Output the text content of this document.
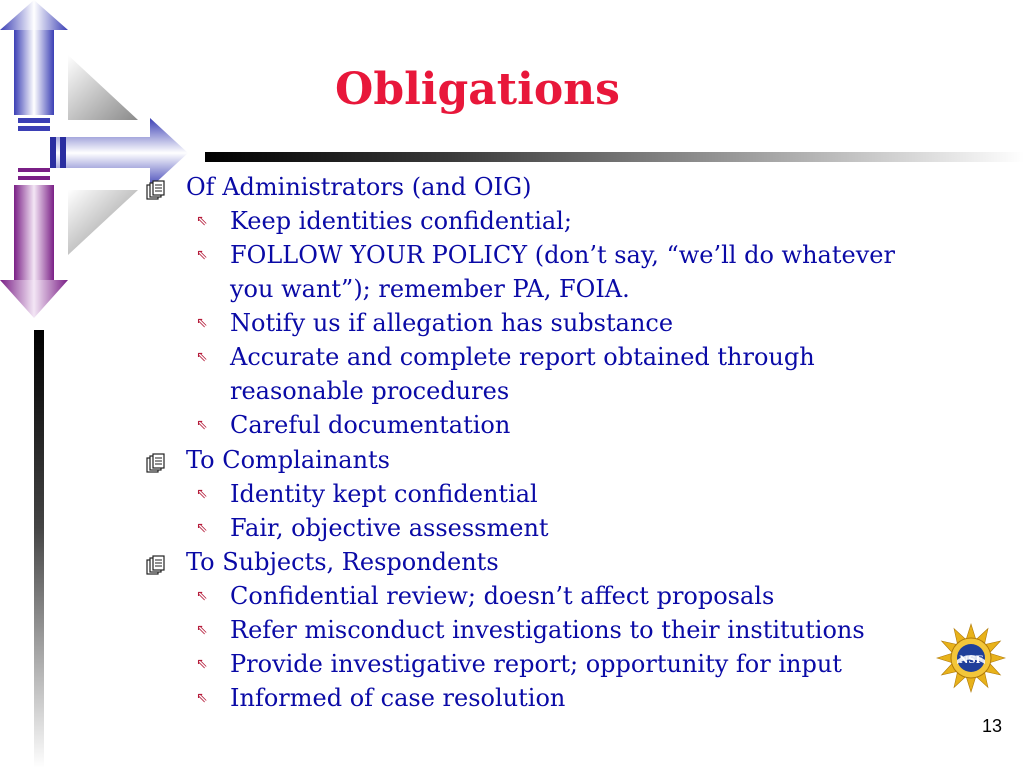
Obligations
Of Administrators (and OIG)
⇖ Keep identities confidential;
⇖ FOLLOW YOUR POLICY (don’t say, “we’ll do whatever
you want”); remember PA, FOIA.
⇖ Notify us if allegation has substance
⇖ Accurate and complete report obtained through
reasonable procedures
⇖ Careful documentation
To Complainants
⇖ Identity kept confidential
⇖ Fair, objective assessment
To Subjects, Respondents
⇖ Confidential review; doesn’t affect proposals
⇖ Refer misconduct investigations to their institutions
⇖ Provide investigative report; opportunity for input
⇖ Informed of case resolution
NSF
13
